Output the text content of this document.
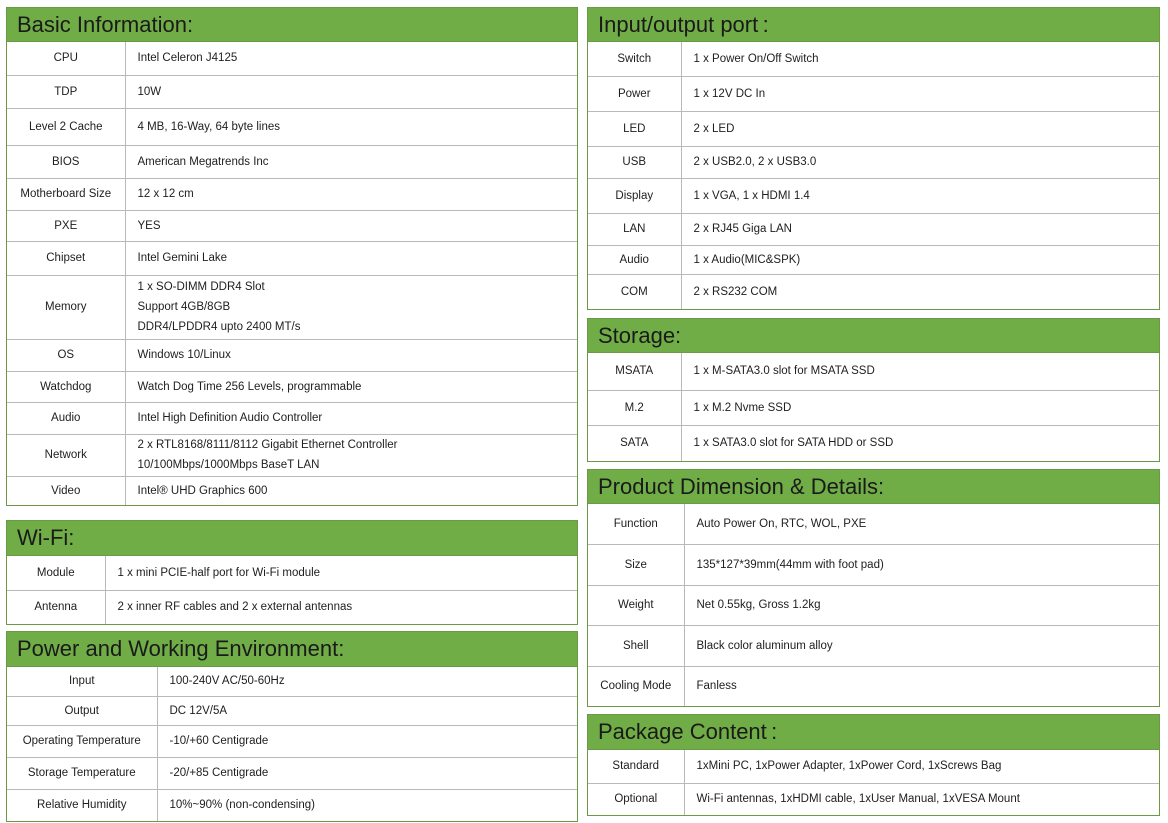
Basic Information:
CPU	Intel Celeron J4125

TDP	10W

Level 2 Cache	4 MB, 16-Way, 64 byte lines

BIOS	American Megatrends Inc

Motherboard Size	12 x 12 cm

PXE	YES

Chipset	Intel Gemini Lake

Memory	1 x SO-DIMM DDR4 Slot
Support 4GB/8GB
DDR4/LPDDR4 upto 2400 MT/s

OS	Windows 10/Linux

Watchdog	Watch Dog Time 256 Levels, programmable

Audio	Intel High Definition Audio Controller

Network	2 x RTL8168/8111/8112 Gigabit Ethernet Controller
10/100Mbps/1000Mbps BaseT LAN

Video	Intel® UHD Graphics 600
Wi-Fi:
Module	1 x mini PCIE-half port for Wi-Fi module

Antenna	2 x inner RF cables and 2 x external antennas
Power and Working Environment:
Input	100-240V AC/50-60Hz

Output	DC 12V/5A

Operating Temperature	-10/+60 Centigrade

Storage Temperature	-20/+85 Centigrade

Relative Humidity	10%~90% (non-condensing)
Input/output port :
Switch	1 x Power On/Off Switch

Power	1 x 12V DC In

LED	2 x LED

USB	2 x USB2.0, 2 x USB3.0

Display	1 x VGA, 1 x HDMI 1.4

LAN	2 x RJ45 Giga LAN

Audio	1 x Audio(MIC&SPK)

COM	2 x RS232 COM
Storage:
MSATA	1 x M-SATA3.0 slot for MSATA SSD

M.2	1 x M.2 Nvme SSD

SATA	1 x SATA3.0 slot for SATA HDD or SSD
Product Dimension & Details:
Function	Auto Power On, RTC, WOL, PXE

Size	135*127*39mm(44mm with foot pad)

Weight	Net 0.55kg, Gross 1.2kg

Shell	Black color aluminum alloy

Cooling Mode	Fanless
Package Content :
Standard	1xMini PC, 1xPower Adapter, 1xPower Cord, 1xScrews Bag

Optional	Wi-Fi antennas, 1xHDMI cable, 1xUser Manual, 1xVESA Mount
